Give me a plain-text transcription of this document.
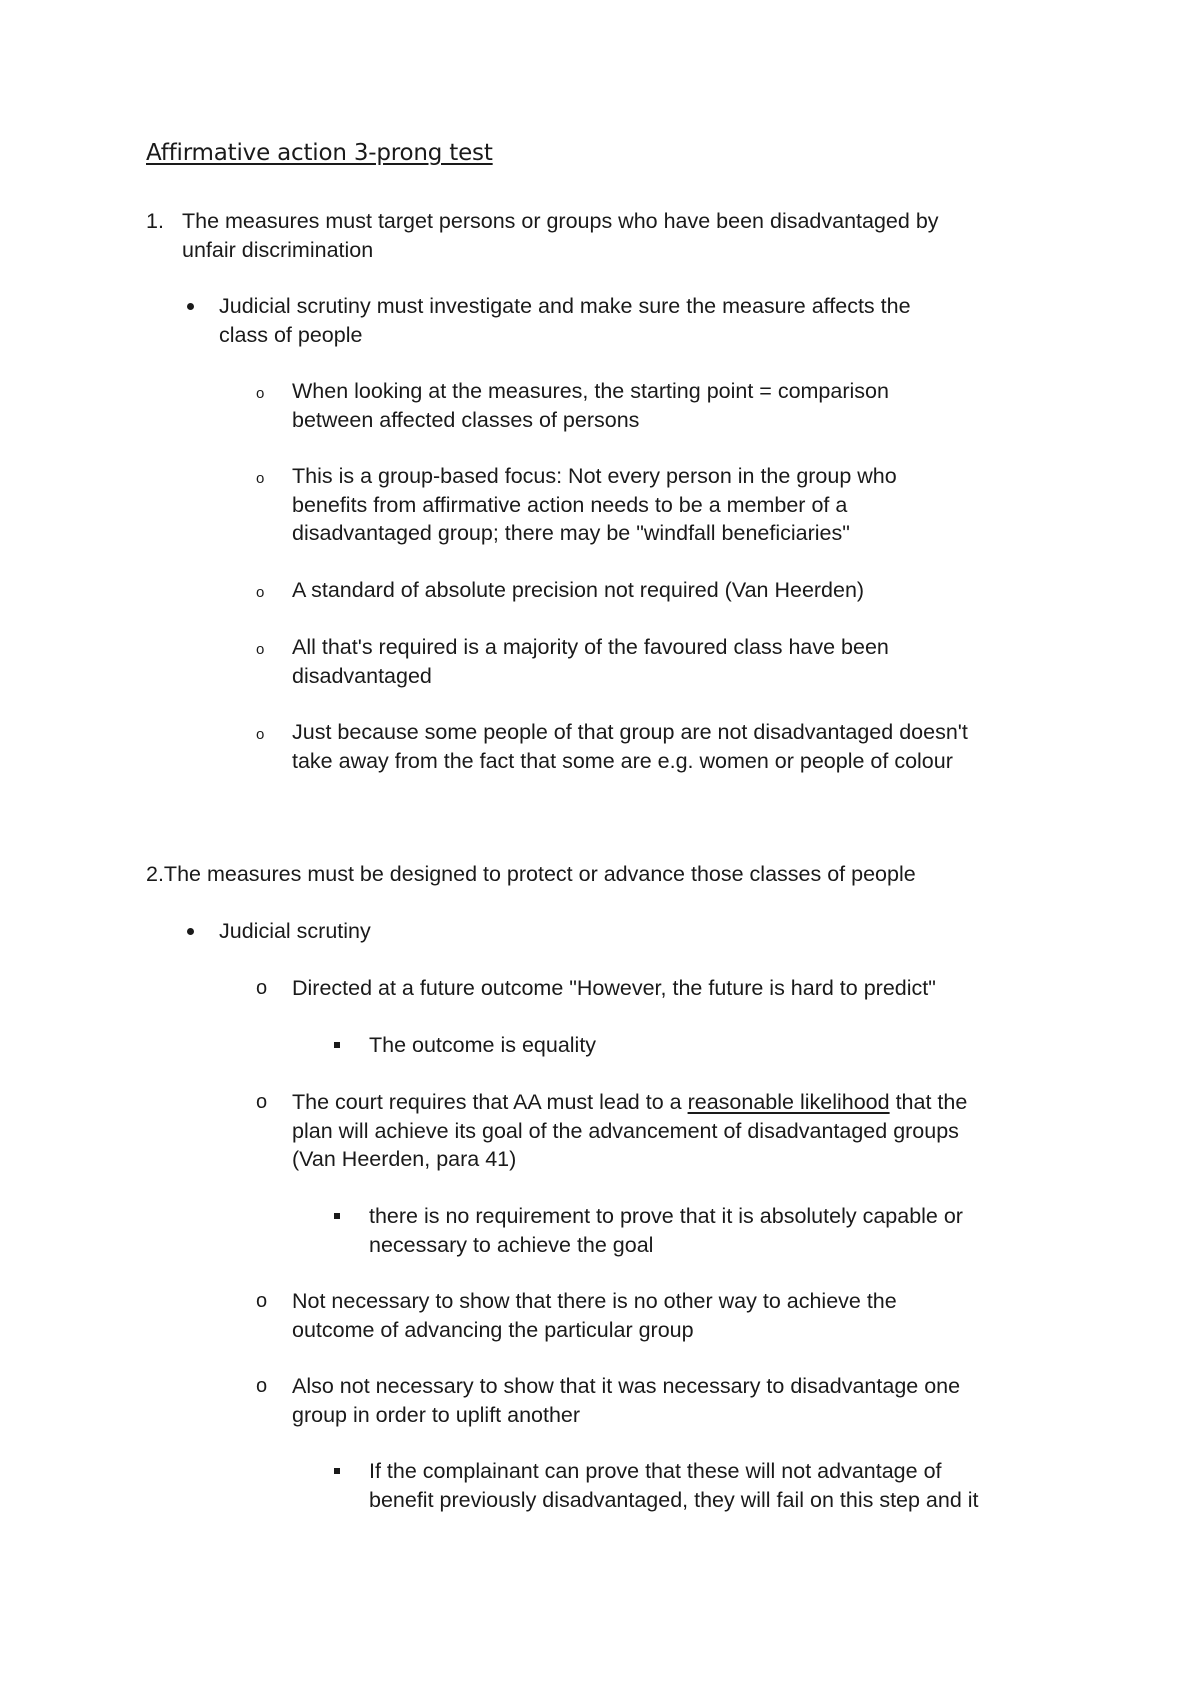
Affirmative action 3-prong test
1. The measures must target persons or groups who have been disadvantaged by
unfair discrimination
Judicial scrutiny must investigate and make sure the measure affects the
class of people
o When looking at the measures, the starting point = comparison
between affected classes of persons
o This is a group-based focus: Not every person in the group who
benefits from affirmative action needs to be a member of a
disadvantaged group; there may be "windfall beneficiaries"
o A standard of absolute precision not required (Van Heerden)
o All that's required is a majority of the favoured class have been
disadvantaged
o Just because some people of that group are not disadvantaged doesn't
take away from the fact that some are e.g. women or people of colour
2.The measures must be designed to protect or advance those classes of people
Judicial scrutiny
o Directed at a future outcome "However, the future is hard to predict"
The outcome is equality
o The court requires that AA must lead to a reasonable likelihood that the
plan will achieve its goal of the advancement of disadvantaged groups
(Van Heerden, para 41)
there is no requirement to prove that it is absolutely capable or
necessary to achieve the goal
o Not necessary to show that there is no other way to achieve the
outcome of advancing the particular group
o Also not necessary to show that it was necessary to disadvantage one
group in order to uplift another
If the complainant can prove that these will not advantage of
benefit previously disadvantaged, they will fail on this step and it
